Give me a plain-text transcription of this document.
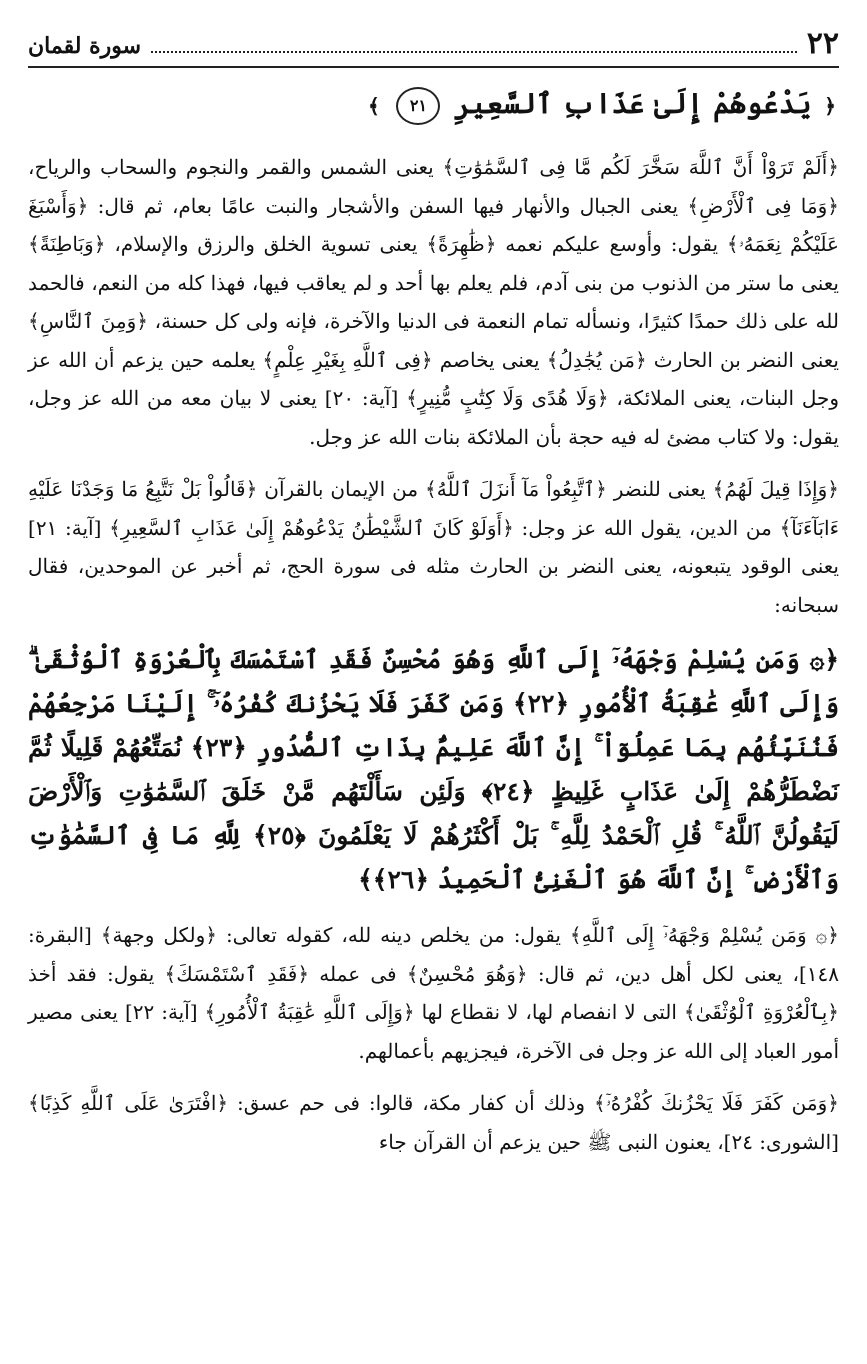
٢٢
سورة لقمان
﴿ يَدْعُوهُمْ إِلَىٰ عَذَابِ ٱلسَّعِيرِ ٢١ ﴾

﴿أَلَمْ تَرَوْاْ أَنَّ ٱللَّهَ سَخَّرَ لَكُم مَّا فِى ٱلسَّمَٰوَٰتِ﴾ يعنى الشمس والقمر والنجوم والسحاب والرياح، ﴿وَمَا فِى ٱلْأَرْضِ﴾ يعنى الجبال والأنهار فيها السفن والأشجار والنبت عامًا بعام، ثم قال: ﴿وَأَسْبَغَ عَلَيْكُمْ نِعَمَهُۥ﴾ يقول: وأوسع عليكم نعمه ﴿ظَٰهِرَةً﴾ يعنى تسوية الخلق والرزق والإسلام، ﴿وَبَاطِنَةً﴾ يعنى ما ستر من الذنوب من بنى آدم، فلم يعلم بها أحد و لم يعاقب فيها، فهذا كله من النعم، فالحمد لله على ذلك حمدًا كثيرًا، ونسأله تمام النعمة فى الدنيا والآخرة، فإنه ولى كل حسنة، ﴿وَمِنَ ٱلنَّاسِ﴾ يعنى النضر بن الحارث ﴿مَن يُجَٰدِلُ﴾ يعنى يخاصم ﴿فِى ٱللَّهِ بِغَيْرِ عِلْمٍ﴾ يعلمه حين يزعم أن الله عز وجل البنات، يعنى الملائكة، ﴿وَلَا هُدًى وَلَا كِتَٰبٍ مُّنِيرٍ﴾ [آية: ٢٠] يعنى لا بيان معه من الله عز وجل، يقول: ولا كتاب مضئ له فيه حجة بأن الملائكة بنات الله عز وجل.

﴿وَإِذَا قِيلَ لَهُمُ﴾ يعنى للنضر ﴿ٱتَّبِعُواْ مَآ أَنزَلَ ٱللَّهُ﴾ من الإيمان بالقرآن ﴿قَالُواْ بَلْ نَتَّبِعُ مَا وَجَدْنَا عَلَيْهِ ءَابَآءَنَآ﴾ من الدين، يقول الله عز وجل: ﴿أَوَلَوْ كَانَ ٱلشَّيْطَٰنُ يَدْعُوهُمْ إِلَىٰ عَذَابِ ٱلسَّعِيرِ﴾ [آية: ٢١] يعنى الوقود يتبعونه، يعنى النضر بن الحارث مثله فى سورة الحج، ثم أخبر عن الموحدين، فقال سبحانه:

﴿۞ وَمَن يُسْلِمْ وَجْهَهُۥٓ إِلَى ٱللَّهِ وَهُوَ مُحْسِنٌ فَقَدِ ٱسْتَمْسَكَ بِٱلْعُرْوَةِ ٱلْوُثْقَىٰ ۗ وَإِلَى ٱللَّهِ عَٰقِبَةُ ٱلْأُمُورِ ﴿٢٢﴾ وَمَن كَفَرَ فَلَا يَحْزُنكَ كُفْرُهُۥٓ ۚ إِلَيْنَا مَرْجِعُهُمْ فَنُنَبِّئُهُم بِمَا عَمِلُوٓاْ ۚ إِنَّ ٱللَّهَ عَلِيمٌۢ بِذَاتِ ٱلصُّدُورِ ﴿٢٣﴾ نُمَتِّعُهُمْ قَلِيلًا ثُمَّ نَضْطَرُّهُمْ إِلَىٰ عَذَابٍ غَلِيظٍ ﴿٢٤﴾ وَلَئِن سَأَلْتَهُم مَّنْ خَلَقَ ٱلسَّمَٰوَٰتِ وَٱلْأَرْضَ لَيَقُولُنَّ ٱللَّهُ ۚ قُلِ ٱلْحَمْدُ لِلَّهِ ۚ بَلْ أَكْثَرُهُمْ لَا يَعْلَمُونَ ﴿٢٥﴾ لِلَّهِ مَا فِى ٱلسَّمَٰوَٰتِ وَٱلْأَرْضِ ۚ إِنَّ ٱللَّهَ هُوَ ٱلْغَنِىُّ ٱلْحَمِيدُ ﴿٢٦﴾﴾

﴿۞ وَمَن يُسْلِمْ وَجْهَهُۥٓ إِلَى ٱللَّهِ﴾ يقول: من يخلص دينه لله، كقوله تعالى: ﴿ولكل وجهة﴾ [البقرة: ١٤٨]، يعنى لكل أهل دين، ثم قال: ﴿وَهُوَ مُحْسِنٌ﴾ فى عمله ﴿فَقَدِ ٱسْتَمْسَكَ﴾ يقول: فقد أخذ ﴿بِٱلْعُرْوَةِ ٱلْوُثْقَىٰ﴾ التى لا انفصام لها، لا نقطاع لها ﴿وَإِلَى ٱللَّهِ عَٰقِبَةُ ٱلْأُمُورِ﴾ [آية: ٢٢] يعنى مصير أمور العباد إلى الله عز وجل فى الآخرة، فيجزيهم بأعمالهم.

﴿وَمَن كَفَرَ فَلَا يَحْزُنكَ كُفْرُهُۥٓ﴾ وذلك أن كفار مكة، قالوا: فى حم عسق: ﴿افْتَرَىٰ عَلَى ٱللَّهِ كَذِبًا﴾ [الشورى: ٢٤]، يعنون النبى ﷺ حين يزعم أن القرآن جاء
